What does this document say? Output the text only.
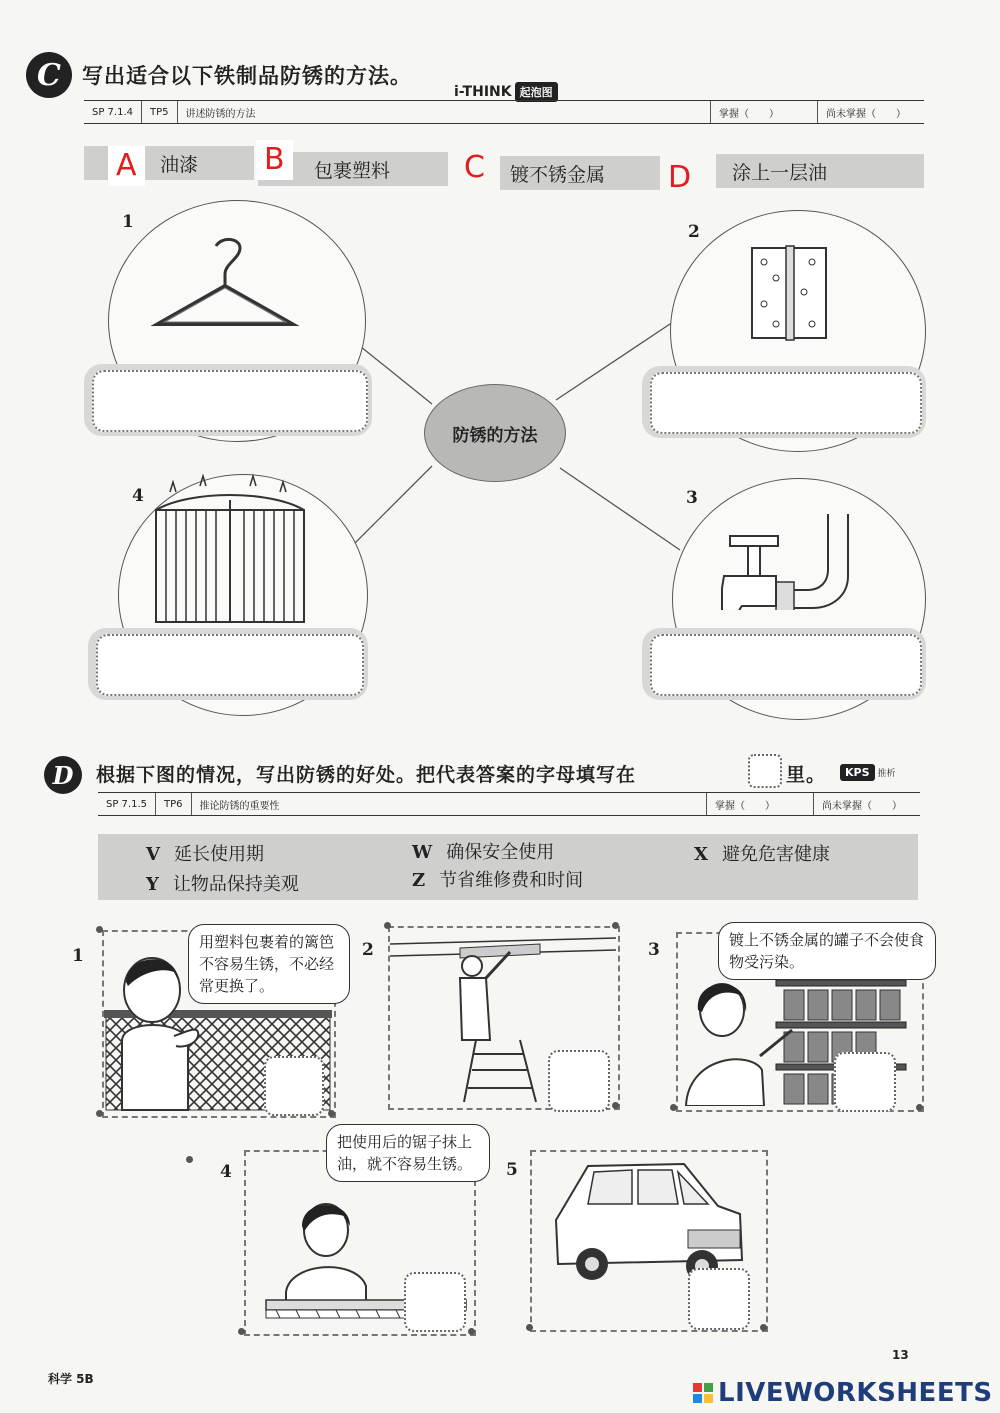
C	写出适合以下铁制品防锈的方法。
i-THINK 起泡图
SP 7.1.4	TP5	讲述防锈的方法	掌握（　　）	尚未掌握（　　）
油漆	包裹塑料	镀不锈金属	涂上一层油
A	B	C	D
防锈的方法
1	2
4	3
D	根据下图的情况，写出防锈的好处。把代表答案的字母填写在	里。	KPS 推析
SP 7.1.5	TP6	推论防锈的重要性	掌握（　　）	尚未掌握（　　）
V 延长使用期	W 确保安全使用	X 避免危害健康
Y 让物品保持美观	Z 节省维修费和时间
1
用塑料包裹着的篱笆不容易生锈，不必经常更换了。
2	3	镀上不锈金属的罐子不会使食物受污染。
4
把使用后的锯子抹上油，就不容易生锈。	5
科学 5B
13
LIVEWORKSHEETS
